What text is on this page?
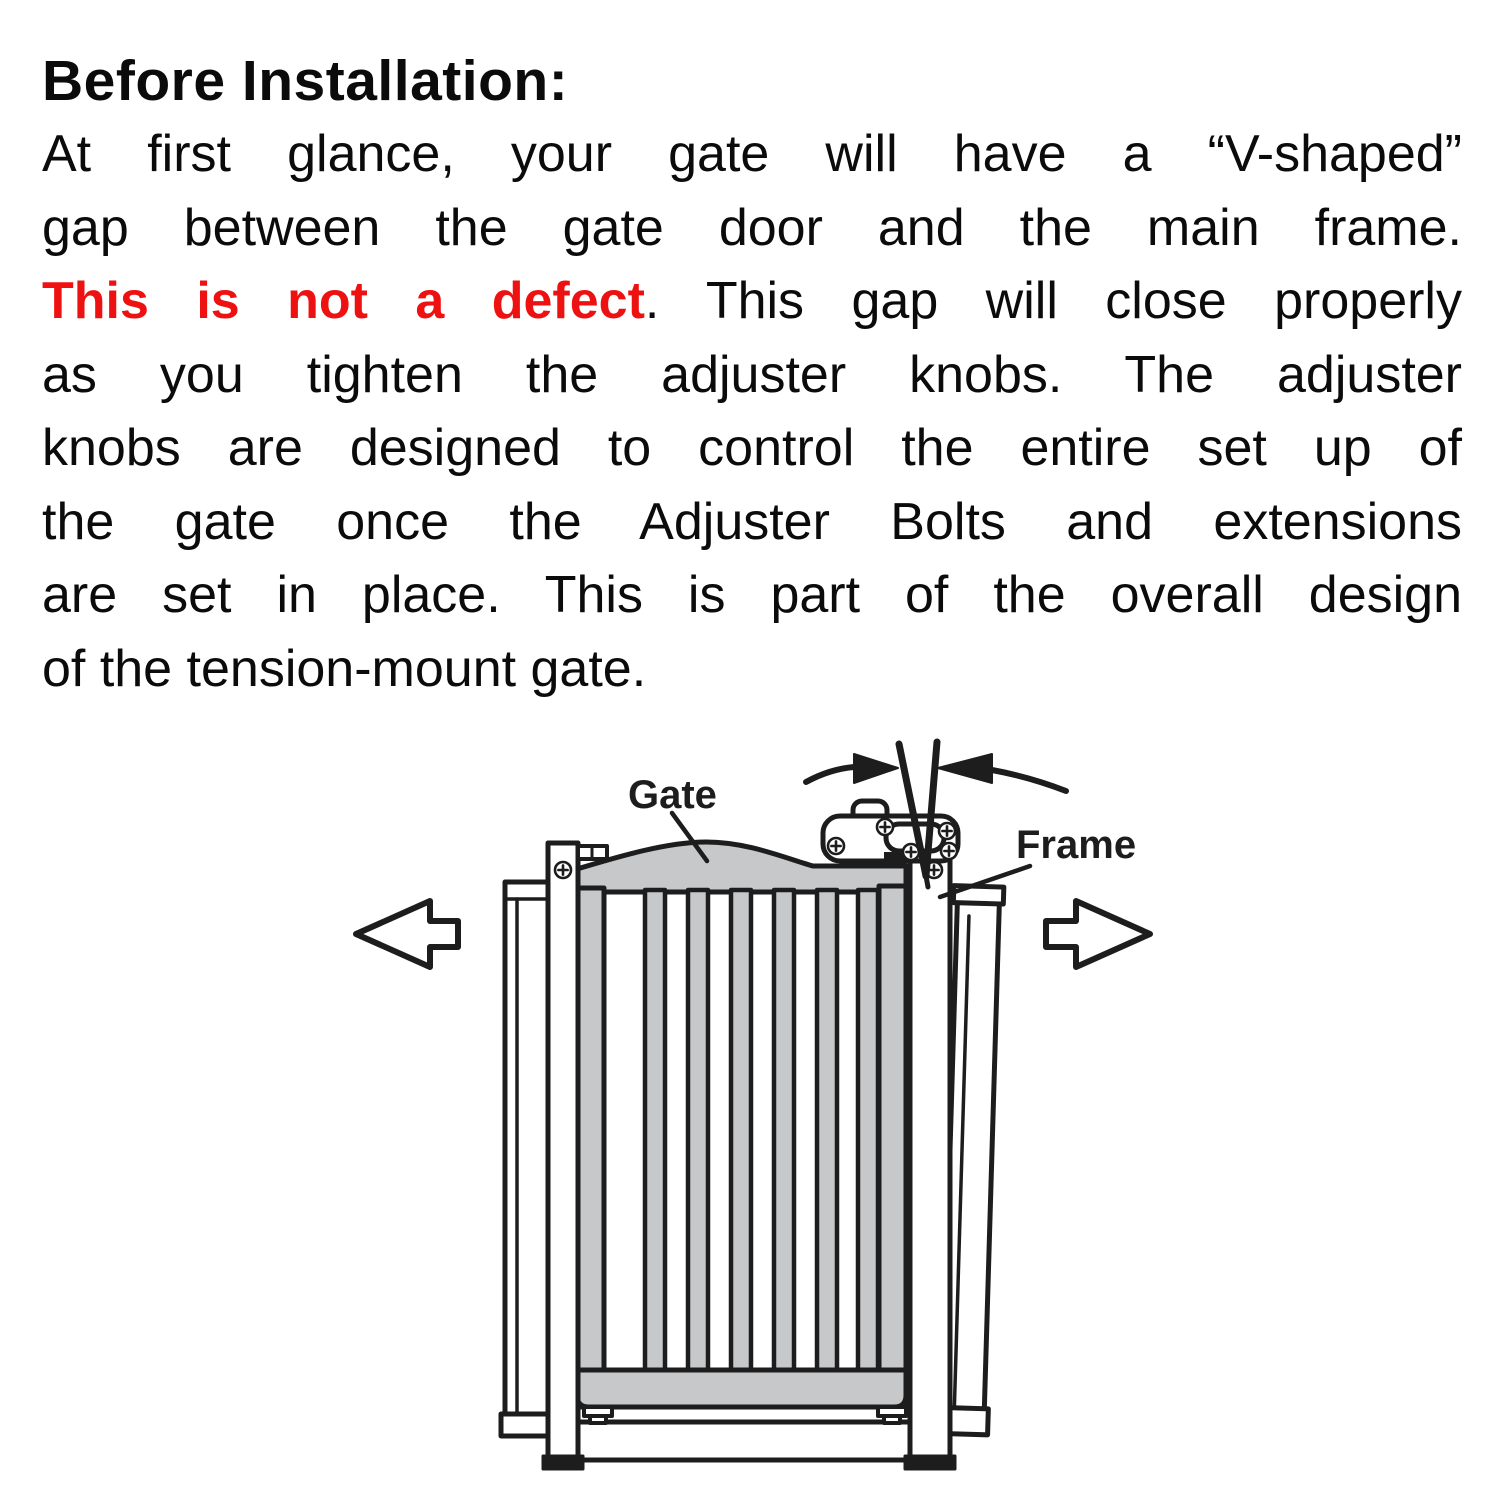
Before Installation:
At first glance, your gate will have a “V-shaped”
gap between the gate door and the main frame.
This is not a defect. This gap will close properly
as you tighten the adjuster knobs. The adjuster
knobs are designed to control the entire set up of
the gate once the Adjuster Bolts and extensions
are set in place. This is part of the overall design
of the tension-mount gate.
Gate
Frame
